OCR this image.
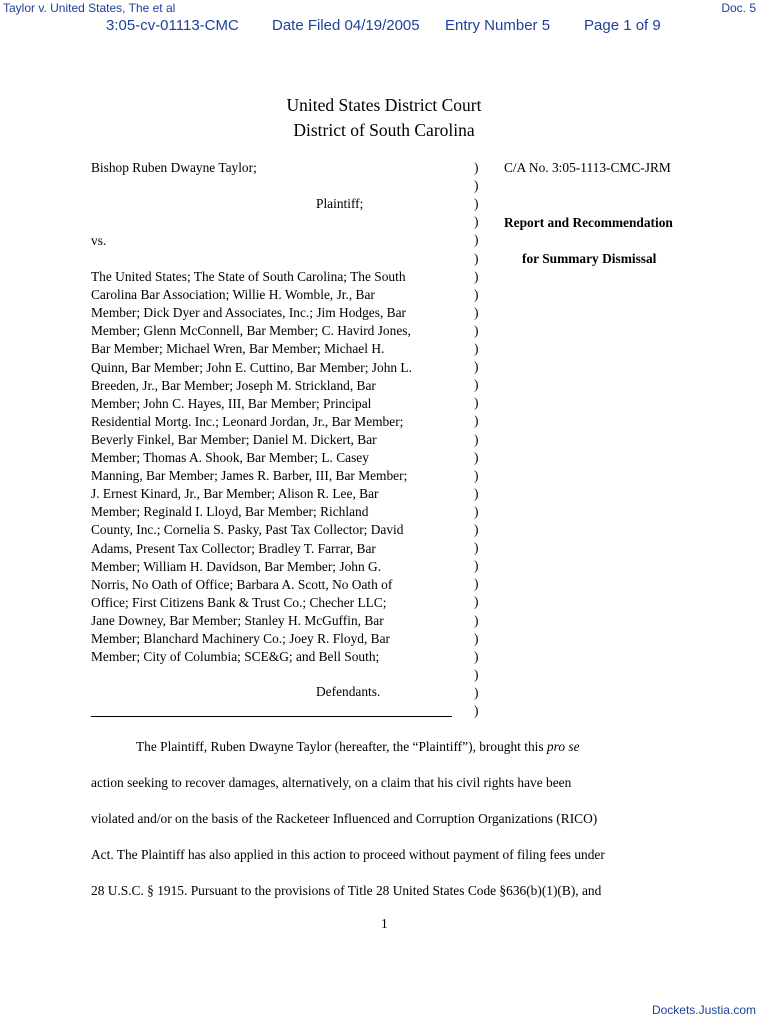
Taylor v. United States, The et al	Doc. 5
3:05-cv-01113-CMC Date Filed 04/19/2005 Entry Number 5 Page 1 of 9
United States District Court
District of South Carolina
Bishop Ruben Dwayne Taylor;
Plaintiff;
vs.
The United States; The State of South Carolina; The South
Carolina Bar Association; Willie H. Womble, Jr., Bar
Member; Dick Dyer and Associates, Inc.; Jim Hodges, Bar
Member; Glenn McConnell, Bar Member; C. Havird Jones,
Bar Member; Michael Wren, Bar Member; Michael H.
Quinn, Bar Member; John E. Cuttino, Bar Member; John L.
Breeden, Jr., Bar Member; Joseph M. Strickland, Bar
Member; John C. Hayes, III, Bar Member; Principal
Residential Mortg. Inc.; Leonard Jordan, Jr., Bar Member;
Beverly Finkel, Bar Member; Daniel M. Dickert, Bar
Member; Thomas A. Shook, Bar Member; L. Casey
Manning, Bar Member; James R. Barber, III, Bar Member;
J. Ernest Kinard, Jr., Bar Member; Alison R. Lee, Bar
Member; Reginald I. Lloyd, Bar Member; Richland
County, Inc.; Cornelia S. Pasky, Past Tax Collector; David
Adams, Present Tax Collector; Bradley T. Farrar, Bar
Member; William H. Davidson, Bar Member; John G.
Norris, No Oath of Office; Barbara A. Scott, No Oath of
Office; First Citizens Bank & Trust Co.; Checher LLC;
Jane Downey, Bar Member; Stanley H. McGuffin, Bar
Member; Blanchard Machinery Co.; Joey R. Floyd, Bar
Member; City of Columbia; SCE&G; and Bell South;
Defendants.
)
)
)
)
)
)
)
)
)
)
)
)
)
)
)
)
)
)
)
)
)
)
)
)
)
)
)
)
)
)
)
C/A No. 3:05-1113-CMC-JRM
Report and Recommendation
for Summary Dismissal
The Plaintiff, Ruben Dwayne Taylor (hereafter, the “Plaintiff”), brought this pro se
action seeking to recover damages, alternatively, on a claim that his civil rights have been
violated and/or on the basis of the Racketeer Influenced and Corruption Organizations (RICO)
Act. The Plaintiff has also applied in this action to proceed without payment of filing fees under
28 U.S.C. § 1915. Pursuant to the provisions of Title 28 United States Code §636(b)(1)(B), and
1
Dockets.Justia.com
